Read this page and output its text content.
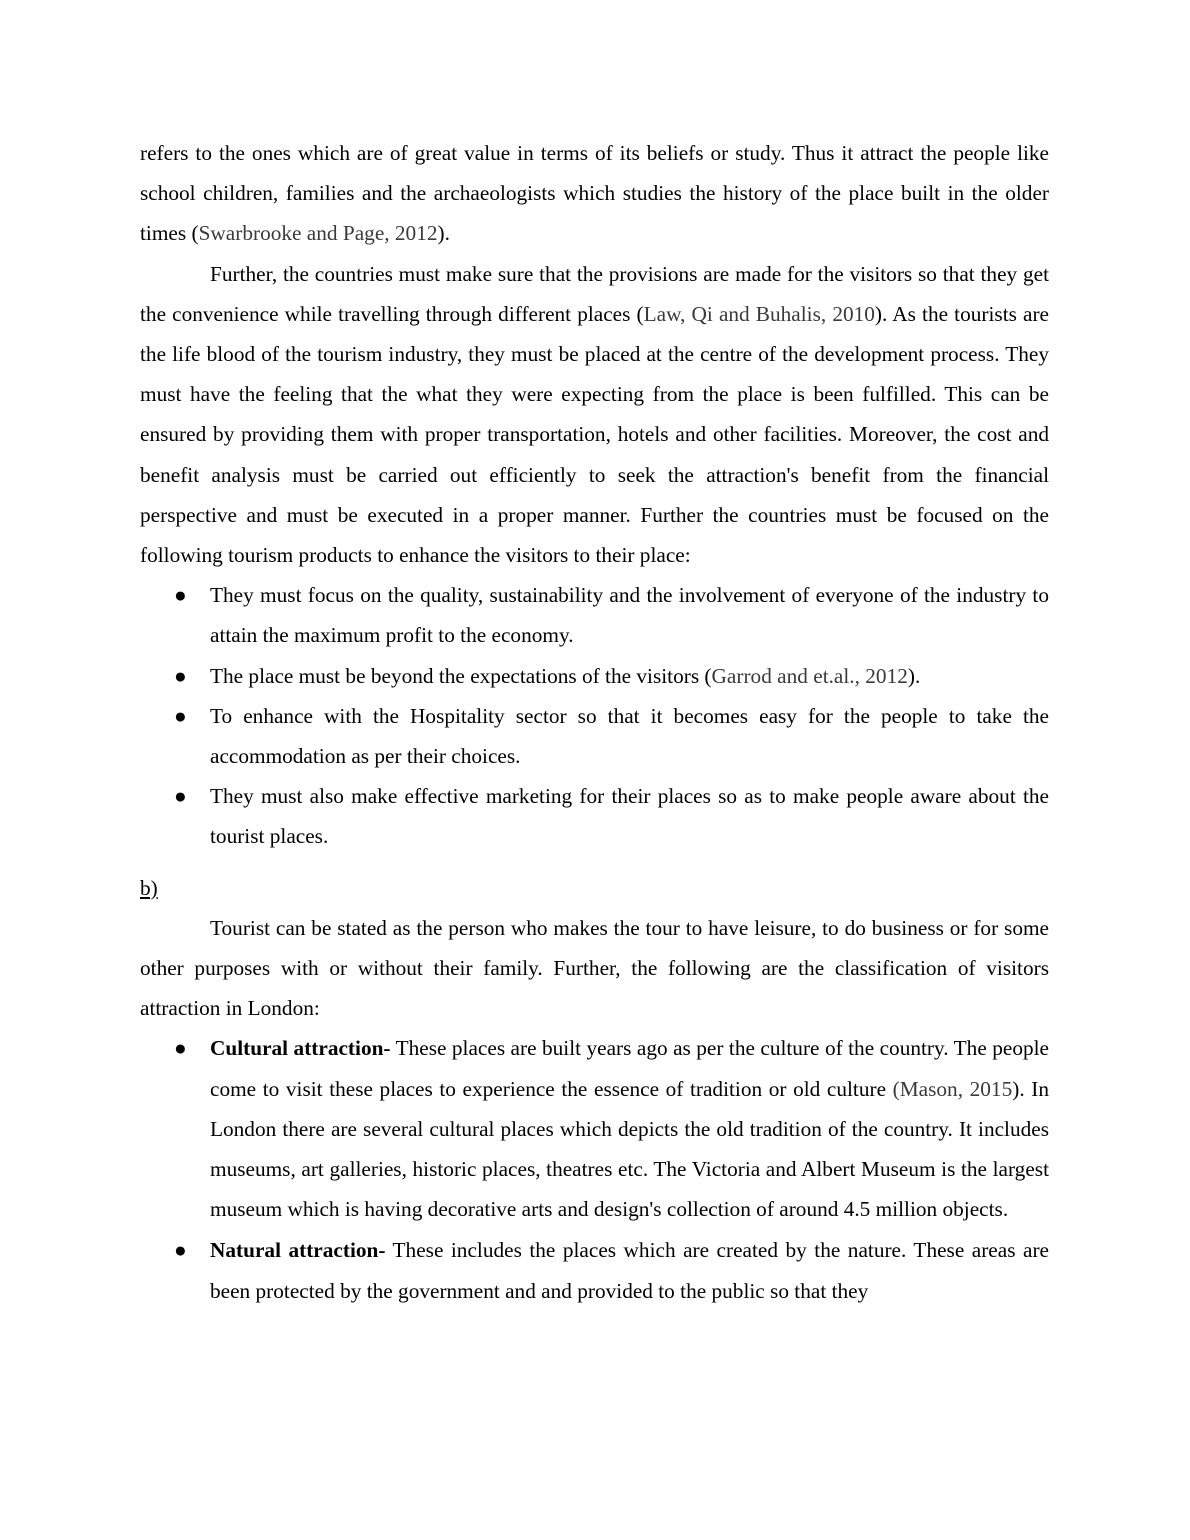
refers to the ones which are of great value in terms of its beliefs or study. Thus it attract the people like school children, families and the archaeologists which studies the history of the place built in the older times (Swarbrooke and Page, 2012).

Further, the countries must make sure that the provisions are made for the visitors so that they get the convenience while travelling through different places (Law, Qi and Buhalis, 2010). As the tourists are the life blood of the tourism industry, they must be placed at the centre of the development process. They must have the feeling that the what they were expecting from the place is been fulfilled. This can be ensured by providing them with proper transportation, hotels and other facilities. Moreover, the cost and benefit analysis must be carried out efficiently to seek the attraction's benefit from the financial perspective and must be executed in a proper manner. Further the countries must be focused on the following tourism products to enhance the visitors to their place:

● They must focus on the quality, sustainability and the involvement of everyone of the industry to attain the maximum profit to the economy.
● The place must be beyond the expectations of the visitors (Garrod and et.al., 2012).
● To enhance with the Hospitality sector so that it becomes easy for the people to take the accommodation as per their choices.
● They must also make effective marketing for their places so as to make people aware about the tourist places.

b)

Tourist can be stated as the person who makes the tour to have leisure, to do business or for some other purposes with or without their family. Further, the following are the classification of visitors attraction in London:

● Cultural attraction- These places are built years ago as per the culture of the country. The people come to visit these places to experience the essence of tradition or old culture (Mason, 2015). In London there are several cultural places which depicts the old tradition of the country. It includes museums, art galleries, historic places, theatres etc. The Victoria and Albert Museum is the largest museum which is having decorative arts and design's collection of around 4.5 million objects.
● Natural attraction- These includes the places which are created by the nature. These areas are been protected by the government and and provided to the public so that they
